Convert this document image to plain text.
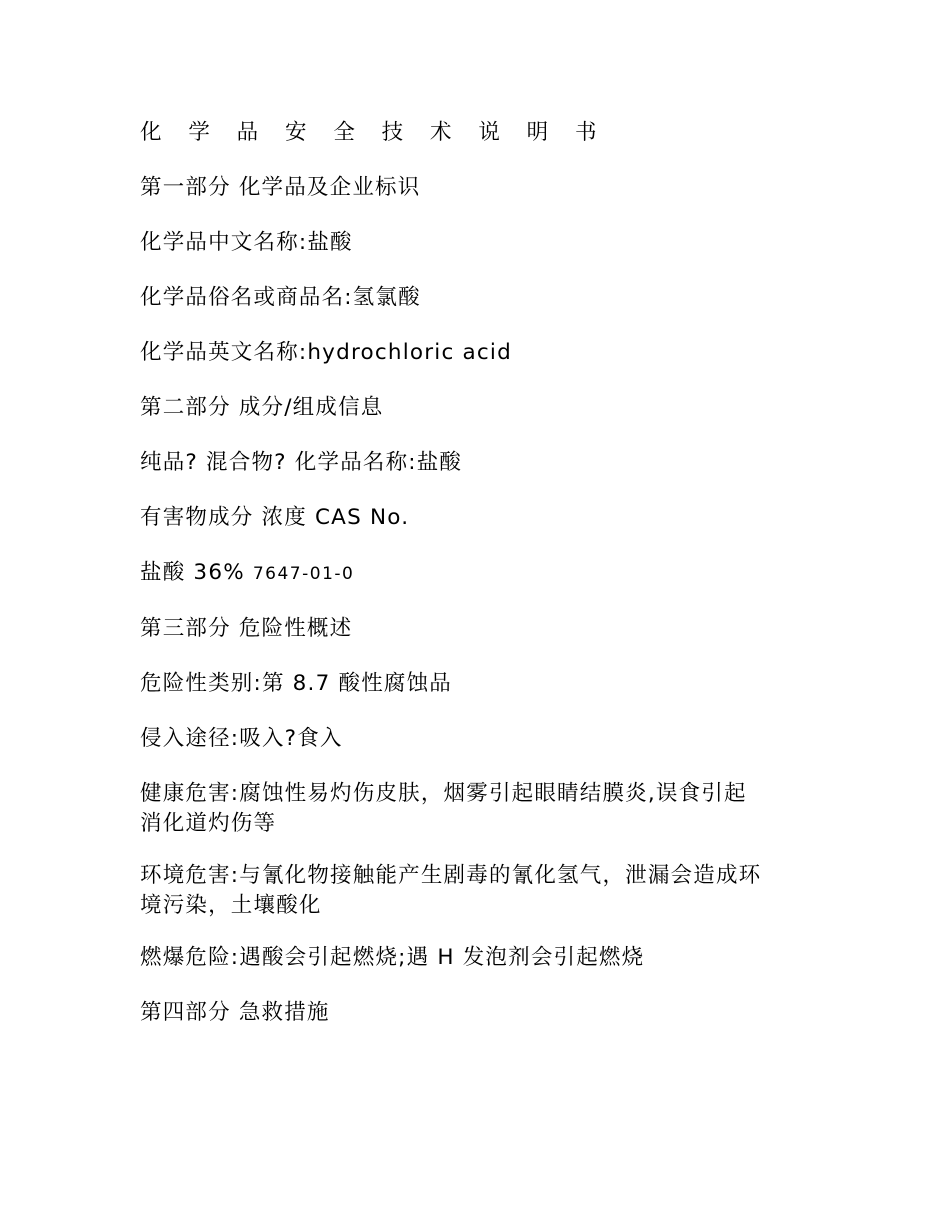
化 学 品 安 全 技 术 说 明 书

第一部分 化学品及企业标识

化学品中文名称:盐酸

化学品俗名或商品名:氢氯酸

化学品英文名称:hydrochloric acid

第二部分 成分/组成信息

纯品? 混合物? 化学品名称:盐酸

有害物成分 浓度 CAS No.

盐酸 36% 7647-01-0

第三部分 危险性概述

危险性类别:第 8.7 酸性腐蚀品

侵入途径:吸入?食入

健康危害:腐蚀性易灼伤皮肤，烟雾引起眼睛结膜炎,误食引起

消化道灼伤等

环境危害:与氰化物接触能产生剧毒的氰化氢气，泄漏会造成环

境污染，土壤酸化

燃爆危险:遇酸会引起燃烧;遇 H 发泡剂会引起燃烧

第四部分 急救措施
